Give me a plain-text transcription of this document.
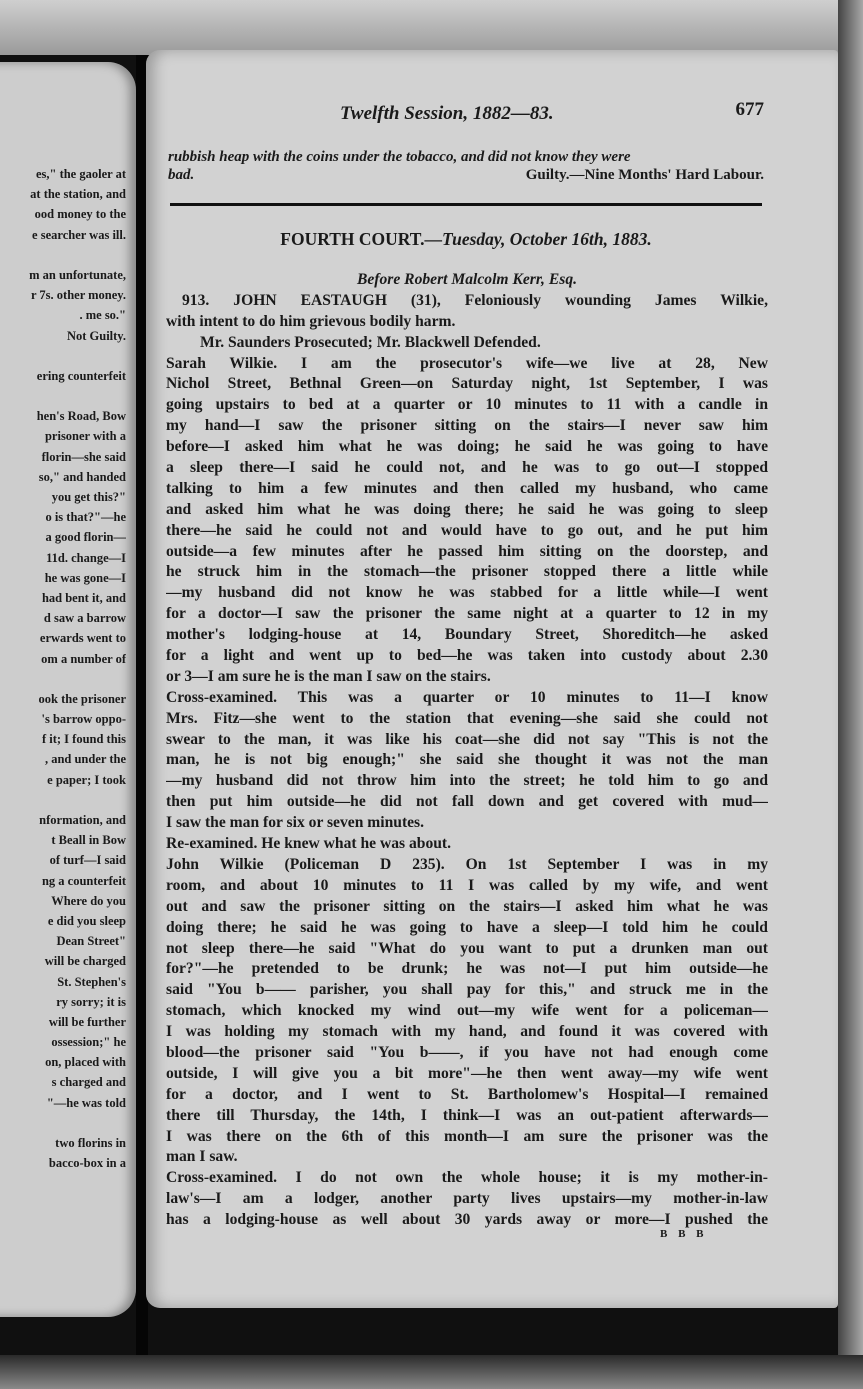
es," the gaoler at
at the station, and
ood money to the
e searcher was ill.
m an unfortunate,
r 7s. other money.
. me so."
Not Guilty.
ering counterfeit
hen's Road, Bow
prisoner with a
florin—she said
so," and handed
you get this?"
o is that?"—he
a good florin—
11d. change—I
he was gone—I
had bent it, and
d saw a barrow
erwards went to
om a number of
ook the prisoner
's barrow oppo-
f it; I found this
, and under the
e paper; I took
nformation, and
t Beall in Bow
of turf—I said
ng a counterfeit
Where do you
e did you sleep
Dean Street"
will be charged
St. Stephen's
ry sorry; it is
will be further
ossession;" he
on, placed with
s charged and
"—he was told
two florins in
bacco-box in a
Twelfth Session, 1882—83.	677
rubbish heap with the coins under the tobacco, and did not know they were
bad.	Guilty.—Nine Months' Hard Labour.
FOURTH COURT.—Tuesday, October 16th, 1883.
Before Robert Malcolm Kerr, Esq.
913. JOHN EASTAUGH (31), Feloniously wounding James Wilkie,
with intent to do him grievous bodily harm.
Mr. Saunders Prosecuted; Mr. Blackwell Defended.
Sarah Wilkie. I am the prosecutor's wife—we live at 28, New
Nichol Street, Bethnal Green—on Saturday night, 1st September, I was
going upstairs to bed at a quarter or 10 minutes to 11 with a candle in
my hand—I saw the prisoner sitting on the stairs—I never saw him
before—I asked him what he was doing; he said he was going to have
a sleep there—I said he could not, and he was to go out—I stopped
talking to him a few minutes and then called my husband, who came
and asked him what he was doing there; he said he was going to sleep
there—he said he could not and would have to go out, and he put him
outside—a few minutes after he passed him sitting on the doorstep, and
he struck him in the stomach—the prisoner stopped there a little while
—my husband did not know he was stabbed for a little while—I went
for a doctor—I saw the prisoner the same night at a quarter to 12 in my
mother's lodging-house at 14, Boundary Street, Shoreditch—he asked
for a light and went up to bed—he was taken into custody about 2.30
or 3—I am sure he is the man I saw on the stairs.
Cross-examined. This was a quarter or 10 minutes to 11—I know
Mrs. Fitz—she went to the station that evening—she said she could not
swear to the man, it was like his coat—she did not say "This is not the
man, he is not big enough;" she said she thought it was not the man
—my husband did not throw him into the street; he told him to go and
then put him outside—he did not fall down and get covered with mud—
I saw the man for six or seven minutes.
Re-examined. He knew what he was about.
John Wilkie (Policeman D 235). On 1st September I was in my
room, and about 10 minutes to 11 I was called by my wife, and went
out and saw the prisoner sitting on the stairs—I asked him what he was
doing there; he said he was going to have a sleep—I told him he could
not sleep there—he said "What do you want to put a drunken man out
for?"—he pretended to be drunk; he was not—I put him outside—he
said "You b—— parisher, you shall pay for this," and struck me in the
stomach, which knocked my wind out—my wife went for a policeman—
I was holding my stomach with my hand, and found it was covered with
blood—the prisoner said "You b——, if you have not had enough come
outside, I will give you a bit more"—he then went away—my wife went
for a doctor, and I went to St. Bartholomew's Hospital—I remained
there till Thursday, the 14th, I think—I was an out-patient afterwards—
I was there on the 6th of this month—I am sure the prisoner was the
man I saw.
Cross-examined. I do not own the whole house; it is my mother-in-
law's—I am a lodger, another party lives upstairs—my mother-in-law
has a lodging-house as well about 30 yards away or more—I pushed the
B B B
